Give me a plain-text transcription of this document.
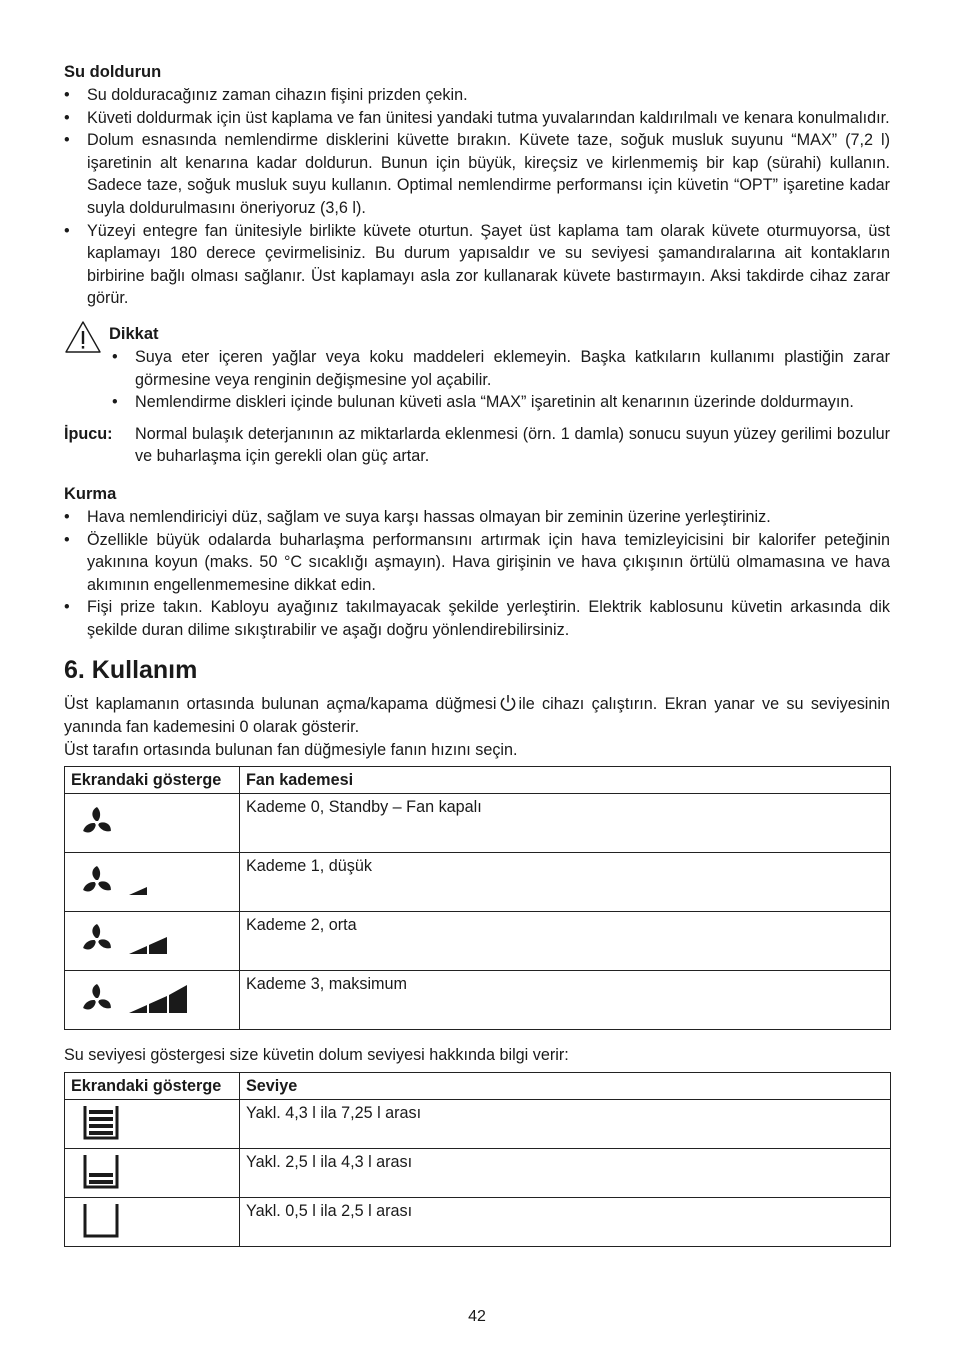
Su doldurun
• Su dolduracağınız zaman cihazın fişini prizden çekin.
• Küveti doldurmak için üst kaplama ve fan ünitesi yandaki tutma yuvalarından kaldırılmalı ve kenara konulmalıdır.
• Dolum esnasında nemlendirme disklerini küvette bırakın. Küvete taze, soğuk musluk suyunu “MAX” (7,2 l) işaretinin alt kenarına kadar doldurun. Bunun için büyük, kireçsiz ve kirlenmemiş bir kap (sürahi) kullanın. Sadece taze, soğuk musluk suyu kullanın. Optimal nemlendirme performansı için küvetin “OPT” işaretine kadar suyla doldurulmasını öneriyoruz (3,6 l).
• Yüzeyi entegre fan ünitesiyle birlikte küvete oturtun. Şayet üst kaplama tam olarak küvete oturmuyorsa, üst kaplamayı 180 derece çevirmelisiniz. Bu durum yapısaldır ve su seviyesi şamandıralarına ait kontakların birbirine bağlı olması sağlanır. Üst kaplamayı asla zor kullanarak küvete bastırmayın. Aksi takdirde cihaz zarar görür.
Dikkat
• Suya eter içeren yağlar veya koku maddeleri eklemeyin. Başka katkıların kullanımı plastiğin zarar görmesine veya renginin değişmesine yol açabilir.
• Nemlendirme diskleri içinde bulunan küveti asla “MAX” işaretinin alt kenarının üzerinde doldurmayın.
İpucu:	Normal bulaşık deterjanının az miktarlarda eklenmesi (örn. 1 damla) sonucu suyun yüzey gerilimi bozulur ve buharlaşma için gerekli olan güç artar.
Kurma
• Hava nemlendiriciyi düz, sağlam ve suya karşı hassas olmayan bir zeminin üzerine yerleştiriniz.
• Özellikle büyük odalarda buharlaşma performansını artırmak için hava temizleyicisini bir kalorifer peteğinin yakınına koyun (maks. 50 °C sıcaklığı aşmayın). Hava girişinin ve hava çıkışının örtülü olmamasına ve hava akımının engellenmemesine dikkat edin.
• Fişi prize takın. Kabloyu ayağınız takılmayacak şekilde yerleştirin. Elektrik kablosunu küvetin arkasında dik şekilde duran dilime sıkıştırabilir ve aşağı doğru yönlendirebilirsiniz.
6. Kullanım

Üst kaplamanın ortasında bulunan açma/kapama düğmesi ile cihazı çalıştırın. Ekran yanar ve su seviyesinin yanında fan kademesini 0 olarak gösterir.

Üst tarafın ortasında bulunan fan düğmesiyle fanın hızını seçin.

Ekrandaki gösterge	Fan kademesi

	Kademe 0, Standby – Fan kapalı

	Kademe 1, düşük

	Kademe 2, orta

	Kademe 3, maksimum

Su seviyesi göstergesi size küvetin dolum seviyesi hakkında bilgi verir:

Ekrandaki gösterge	Seviye

	Yakl. 4,3 l ila 7,25 l arası

	Yakl. 2,5 l ila 4,3 l arası

	Yakl. 0,5 l ila 2,5 l arası
42
